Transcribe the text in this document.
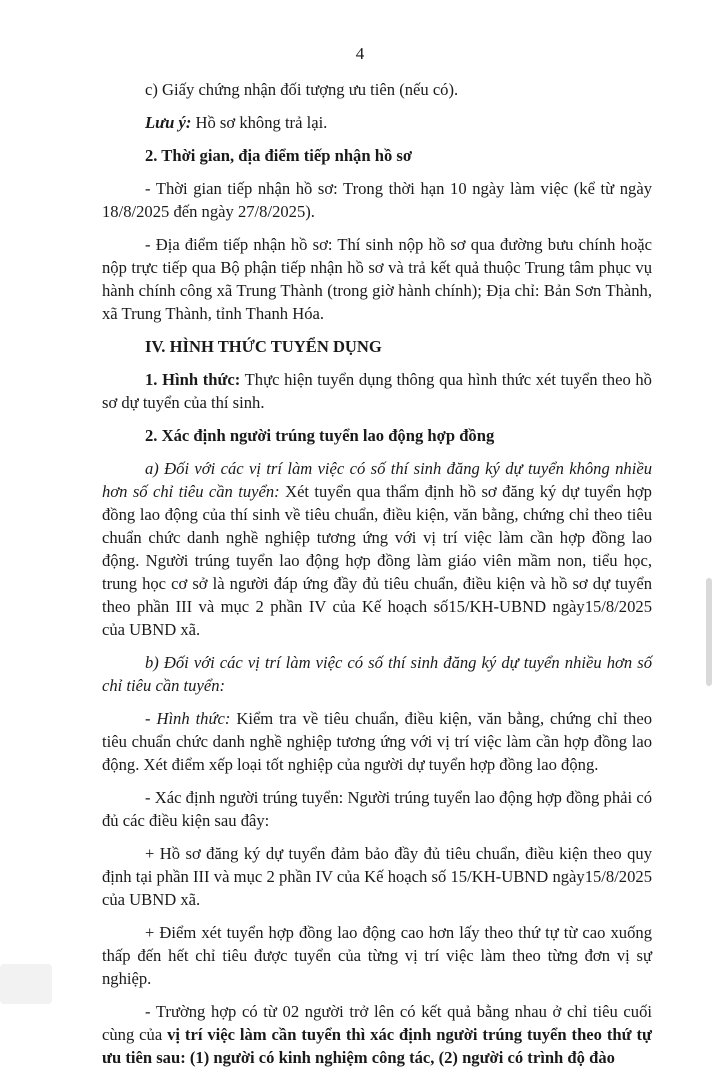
4

c) Giấy chứng nhận đối tượng ưu tiên (nếu có).

Lưu ý: Hồ sơ không trả lại.

2. Thời gian, địa điểm tiếp nhận hồ sơ

- Thời gian tiếp nhận hồ sơ: Trong thời hạn 10 ngày làm việc (kể từ ngày 18/8/2025 đến ngày 27/8/2025).

- Địa điểm tiếp nhận hồ sơ: Thí sinh nộp hồ sơ qua đường bưu chính hoặc nộp trực tiếp qua Bộ phận tiếp nhận hồ sơ và trả kết quả thuộc Trung tâm phục vụ hành chính công xã Trung Thành (trong giờ hành chính); Địa chỉ: Bản Sơn Thành, xã Trung Thành, tỉnh Thanh Hóa.

IV. HÌNH THỨC TUYỂN DỤNG

1. Hình thức: Thực hiện tuyển dụng thông qua hình thức xét tuyển theo hồ sơ dự tuyển của thí sinh.

2. Xác định người trúng tuyển lao động hợp đồng

a) Đối với các vị trí làm việc có số thí sinh đăng ký dự tuyển không nhiều hơn số chỉ tiêu cần tuyển: Xét tuyển qua thẩm định hồ sơ đăng ký dự tuyển hợp đồng lao động của thí sinh về tiêu chuẩn, điều kiện, văn bằng, chứng chỉ theo tiêu chuẩn chức danh nghề nghiệp tương ứng với vị trí việc làm cần hợp đồng lao động. Người trúng tuyển lao động hợp đồng làm giáo viên mầm non, tiểu học, trung học cơ sở là người đáp ứng đầy đủ tiêu chuẩn, điều kiện và hồ sơ dự tuyển theo phần III và mục 2 phần IV của Kế hoạch số15/KH-UBND ngày15/8/2025 của UBND xã.

b) Đối với các vị trí làm việc có số thí sinh đăng ký dự tuyển nhiều hơn số chỉ tiêu cần tuyển:

- Hình thức: Kiểm tra về tiêu chuẩn, điều kiện, văn bằng, chứng chỉ theo tiêu chuẩn chức danh nghề nghiệp tương ứng với vị trí việc làm cần hợp đồng lao động. Xét điểm xếp loại tốt nghiệp của người dự tuyển hợp đồng lao động.

- Xác định người trúng tuyển: Người trúng tuyển lao động hợp đồng phải có đủ các điều kiện sau đây:

+ Hồ sơ đăng ký dự tuyển đảm bảo đầy đủ tiêu chuẩn, điều kiện theo quy định tại phần III và mục 2 phần IV của Kế hoạch số 15/KH-UBND ngày15/8/2025 của UBND xã.

+ Điểm xét tuyển hợp đồng lao động cao hơn lấy theo thứ tự từ cao xuống thấp đến hết chỉ tiêu được tuyển của từng vị trí việc làm theo từng đơn vị sự nghiệp.

- Trường hợp có từ 02 người trở lên có kết quả bằng nhau ở chỉ tiêu cuối cùng của vị trí việc làm cần tuyển thì xác định người trúng tuyển theo thứ tự ưu tiên sau: (1) người có kinh nghiệm công tác, (2) người có trình độ đào
